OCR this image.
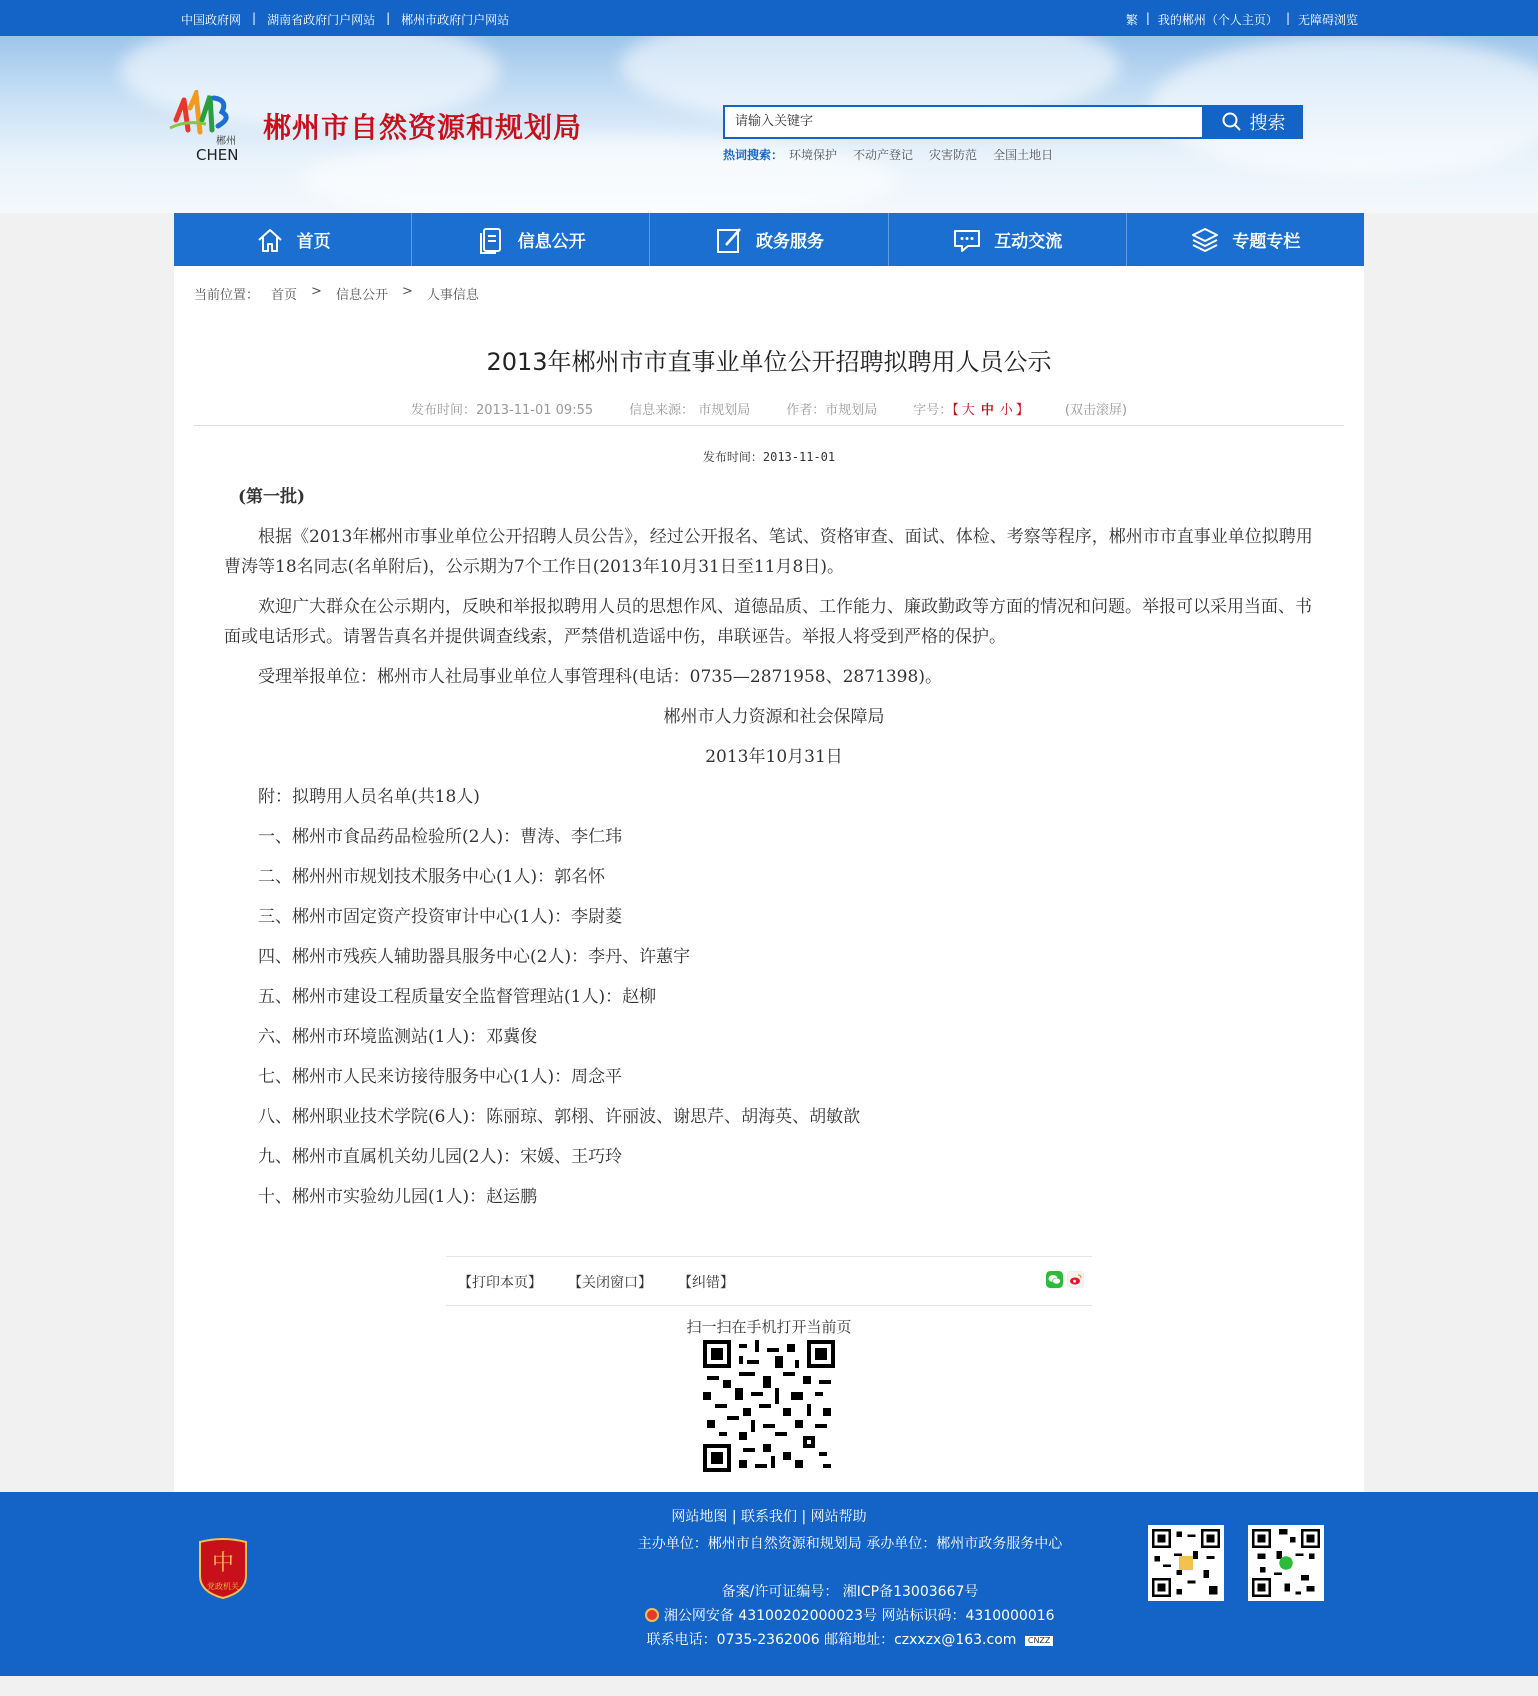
中国政府网 | 湖南省政府门户网站 | 郴州市政府门户网站	繁 | 我的郴州（个人主页） | 无障碍浏览
郴州
CHEN
郴州市自然资源和规划局	请输入关键字	搜索
热词搜索： 环境保护 不动产登记 灾害防范 全国土地日
首页	信息公开	政务服务	互动交流	专题专栏
当前位置： 首页 > 信息公开 > 人事信息
2013年郴州市市直事业单位公开招聘拟聘用人员公示
发布时间：2013-11-01 09:55	信息来源： 市规划局	作者：市规划局	字号：【 大 中 小 】	(双击滚屏)
发布时间：2013-11-01

(第一批)

根据《2013年郴州市事业单位公开招聘人员公告》，经过公开报名、笔试、资格审查、面试、体检、考察等程序，郴州市市直事业单位拟聘用曹涛等18名同志(名单附后)，公示期为7个工作日(2013年10月31日至11月8日)。

欢迎广大群众在公示期内，反映和举报拟聘用人员的思想作风、道德品质、工作能力、廉政勤政等方面的情况和问题。举报可以采用当面、书面或电话形式。请署告真名并提供调查线索，严禁借机造谣中伤，串联诬告。举报人将受到严格的保护。

受理举报单位：郴州市人社局事业单位人事管理科(电话：0735—2871958、2871398)。

郴州市人力资源和社会保障局

2013年10月31日

附：拟聘用人员名单(共18人)

一、郴州市食品药品检验所(2人)：曹涛、李仁玮

二、郴州州市规划技术服务中心(1人)：郭名怀

三、郴州市固定资产投资审计中心(1人)：李尉菱

四、郴州市残疾人辅助器具服务中心(2人)：李丹、许蕙宇

五、郴州市建设工程质量安全监督管理站(1人)：赵柳

六、郴州市环境监测站(1人)：邓冀俊

七、郴州市人民来访接待服务中心(1人)：周念平

八、郴州职业技术学院(6人)：陈丽琼、郭栩、许丽波、谢思芹、胡海英、胡敏歆

九、郴州市直属机关幼儿园(2人)：宋媛、王巧玲

十、郴州市实验幼儿园(1人)：赵运鹏

【打印本页】 【关闭窗口】 【纠错】
扫一扫在手机打开当前页
中
党政机关
网站地图 | 联系我们 | 网站帮助
主办单位：郴州市自然资源和规划局 承办单位：郴州市政务服务中心
备案/许可证编号： 湘ICP备13003667号
湘公网安备 43100202000023号 网站标识码：4310000016
联系电话：0735-2362006 邮箱地址：czxxzx@163.com CNZZ
